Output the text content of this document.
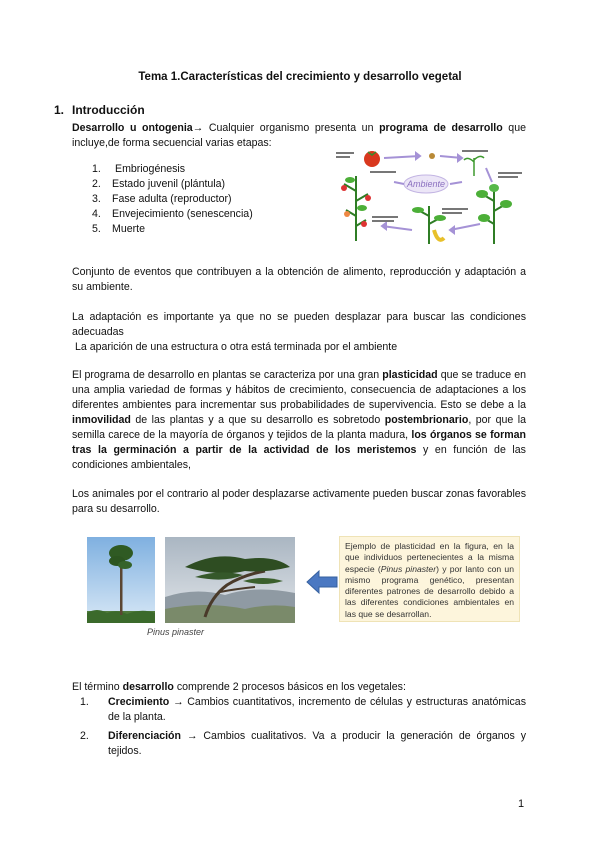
Tema 1.Características del crecimiento y desarrollo vegetal
1. Introducción

Desarrollo u ontogenia→ Cualquier organismo presenta un programa de desarrollo que incluye,de forma secuencial varias etapas:

1. Embriogénesis
2. Estado juvenil (plántula)
3. Fase adulta (reproductor)
4. Envejecimiento (senescencia)
5. Muerte
Ambiente

Conjunto de eventos que contribuyen a la obtención de alimento, reproducción y adaptación a su ambiente.

La adaptación es importante ya que no se pueden desplazar para buscar las condiciones adecuadas

La aparición de una estructura o otra está terminada por el ambiente

El programa de desarrollo en plantas se caracteriza por una gran plasticidad que se traduce en una amplia variedad de formas y hábitos de crecimiento, consecuencia de adaptaciones a los diferentes ambientes para incrementar sus probabilidades de supervivencia. Esto se debe a la inmovilidad de las plantas y a que su desarrollo es sobretodo postembrionario, por que la semilla carece de la mayoría de órganos y tejidos de la planta madura, los órganos se forman tras la germinación a partir de la actividad de los meristemos y en función de las condiciones ambientales,

Los animales por el contrario al poder desplazarse activamente pueden buscar zonas favorables para su desarrollo.

Pinus pinaster
Ejemplo de plasticidad en la figura, en la que individuos pertenecientes a la misma especie (Pinus pinaster) y por lanto con un mismo programa genético, presentan diferentes patrones de desarrollo debido a las diferentes condiciones ambientales en las que se desarrollan.

El término desarrollo comprende 2 procesos básicos en los vegetales:

1.	Crecimiento → Cambios cuantitativos, incremento de células y estructuras anatómicas de la planta.
2.	Diferenciación → Cambios cualitativos. Va a producir la generación de órganos y tejidos.
1
